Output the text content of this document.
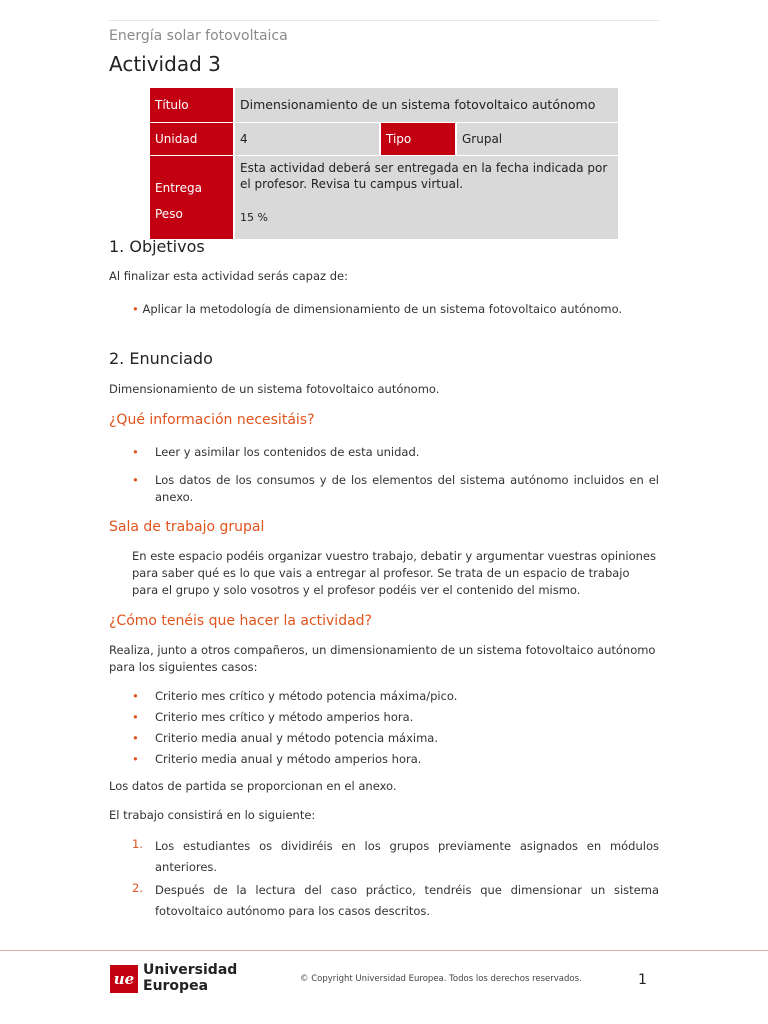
Energía solar fotovoltaica
Actividad 3
Título	Dimensionamiento de un sistema fotovoltaico autónomo		
Unidad	4	Tipo	Grupal
Entrega	Esta actividad deberá ser entregada en la fecha indicada por el profesor. Revisa tu campus virtual.		
Peso	15 %		
1. Objetivos
Al finalizar esta actividad serás capaz de:
• Aplicar la metodología de dimensionamiento de un sistema fotovoltaico autónomo.
2. Enunciado
Dimensionamiento de un sistema fotovoltaico autónomo.
¿Qué información necesitáis?
• Leer y asimilar los contenidos de esta unidad.
• Los datos de los consumos y de los elementos del sistema autónomo incluidos en el anexo.
Sala de trabajo grupal
En este espacio podéis organizar vuestro trabajo, debatir y argumentar vuestras opiniones para saber qué es lo que vais a entregar al profesor. Se trata de un espacio de trabajo para el grupo y solo vosotros y el profesor podéis ver el contenido del mismo.
¿Cómo tenéis que hacer la actividad?
Realiza, junto a otros compañeros, un dimensionamiento de un sistema fotovoltaico autónomo para los siguientes casos:
• Criterio mes crítico y método potencia máxima/pico.
• Criterio mes crítico y método amperios hora.
• Criterio media anual y método potencia máxima.
• Criterio media anual y método amperios hora.
Los datos de partida se proporcionan en el anexo.
El trabajo consistirá en lo siguiente:
1. Los estudiantes os dividiréis en los grupos previamente asignados en módulos anteriores.
2. Después de la lectura del caso práctico, tendréis que dimensionar un sistema fotovoltaico autónomo para los casos descritos.
ue Universidad
Europea	© Copyright Universidad Europea. Todos los derechos reservados.	1
